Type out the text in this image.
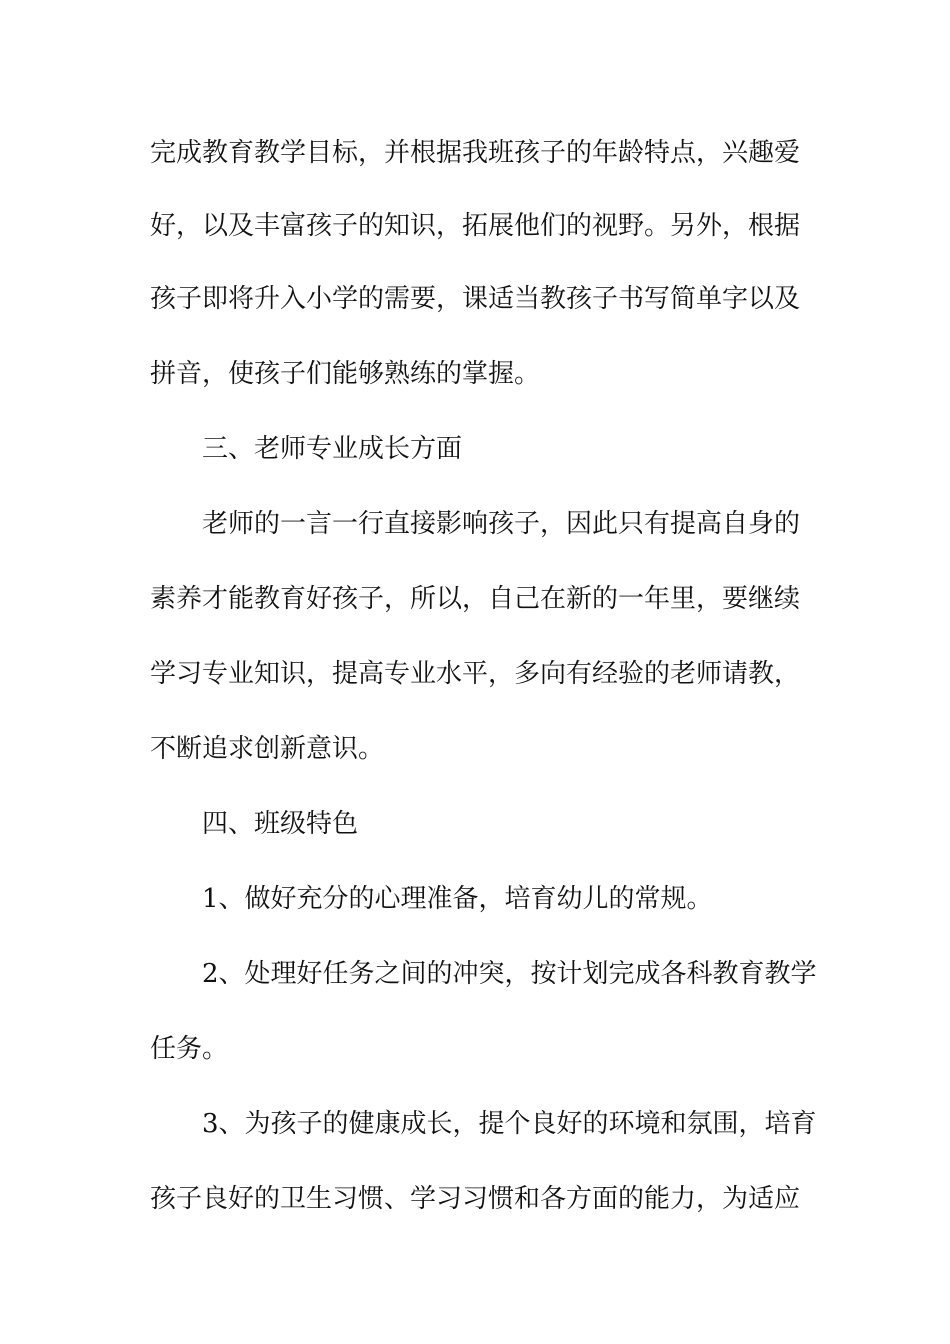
完成教育教学目标，并根据我班孩子的年龄特点，兴趣爱
好，以及丰富孩子的知识，拓展他们的视野。另外，根据
孩子即将升入小学的需要，课适当教孩子书写简单字以及
拼音，使孩子们能够熟练的掌握。
三、老师专业成长方面
老师的一言一行直接影响孩子，因此只有提高自身的
素养才能教育好孩子，所以，自己在新的一年里，要继续
学习专业知识，提高专业水平，多向有经验的老师请教，
不断追求创新意识。
四、班级特色
1、做好充分的心理准备，培育幼儿的常规。
2、处理好任务之间的冲突，按计划完成各科教育教学
任务。
3、为孩子的健康成长，提个良好的环境和氛围，培育
孩子良好的卫生习惯、学习习惯和各方面的能力，为适应
